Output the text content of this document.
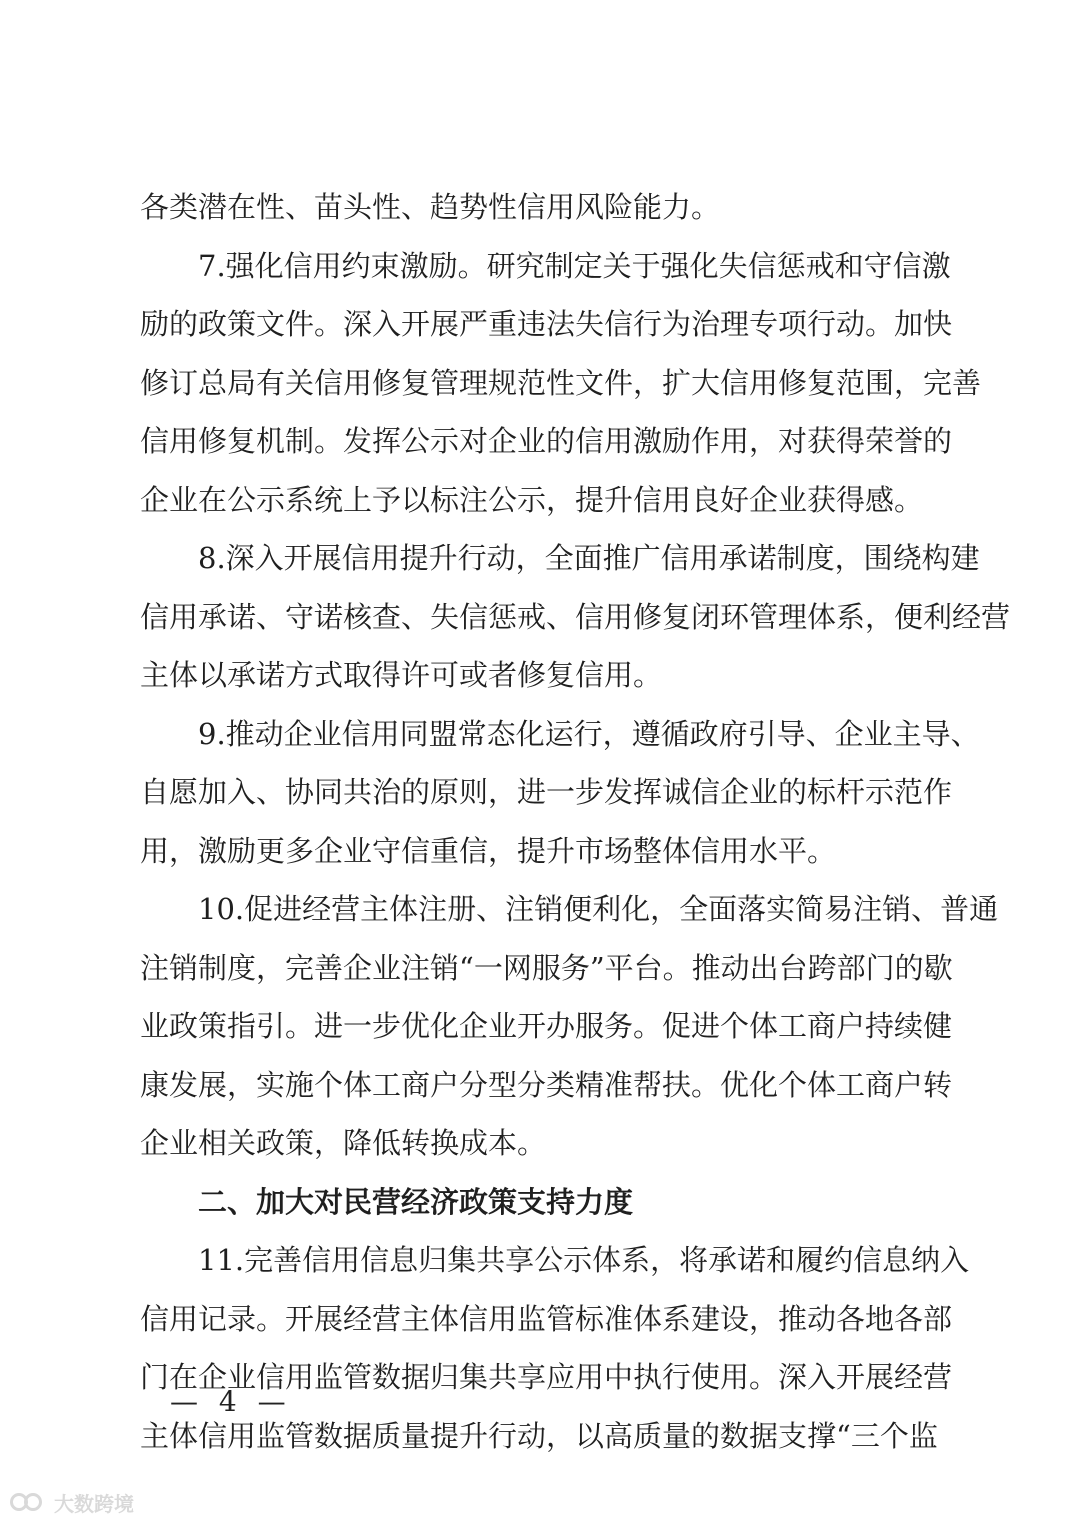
各类潜在性、苗头性、趋势性信用风险能力。
7.强化信用约束激励。研究制定关于强化失信惩戒和守信激
励的政策文件。深入开展严重违法失信行为治理专项行动。加快
修订总局有关信用修复管理规范性文件，扩大信用修复范围，完善
信用修复机制。发挥公示对企业的信用激励作用，对获得荣誉的
企业在公示系统上予以标注公示，提升信用良好企业获得感。
8.深入开展信用提升行动，全面推广信用承诺制度，围绕构建
信用承诺、守诺核查、失信惩戒、信用修复闭环管理体系，便利经营
主体以承诺方式取得许可或者修复信用。
9.推动企业信用同盟常态化运行，遵循政府引导、企业主导、
自愿加入、协同共治的原则，进一步发挥诚信企业的标杆示范作
用，激励更多企业守信重信，提升市场整体信用水平。
10.促进经营主体注册、注销便利化，全面落实简易注销、普通
注销制度，完善企业注销“一网服务”平台。推动出台跨部门的歇
业政策指引。进一步优化企业开办服务。促进个体工商户持续健
康发展，实施个体工商户分型分类精准帮扶。优化个体工商户转
企业相关政策，降低转换成本。
二、加大对民营经济政策支持力度
11.完善信用信息归集共享公示体系，将承诺和履约信息纳入
信用记录。开展经营主体信用监管标准体系建设，推动各地各部
门在企业信用监管数据归集共享应用中执行使用。深入开展经营
主体信用监管数据质量提升行动，以高质量的数据支撑“三个监
— 4 —
大数跨境
